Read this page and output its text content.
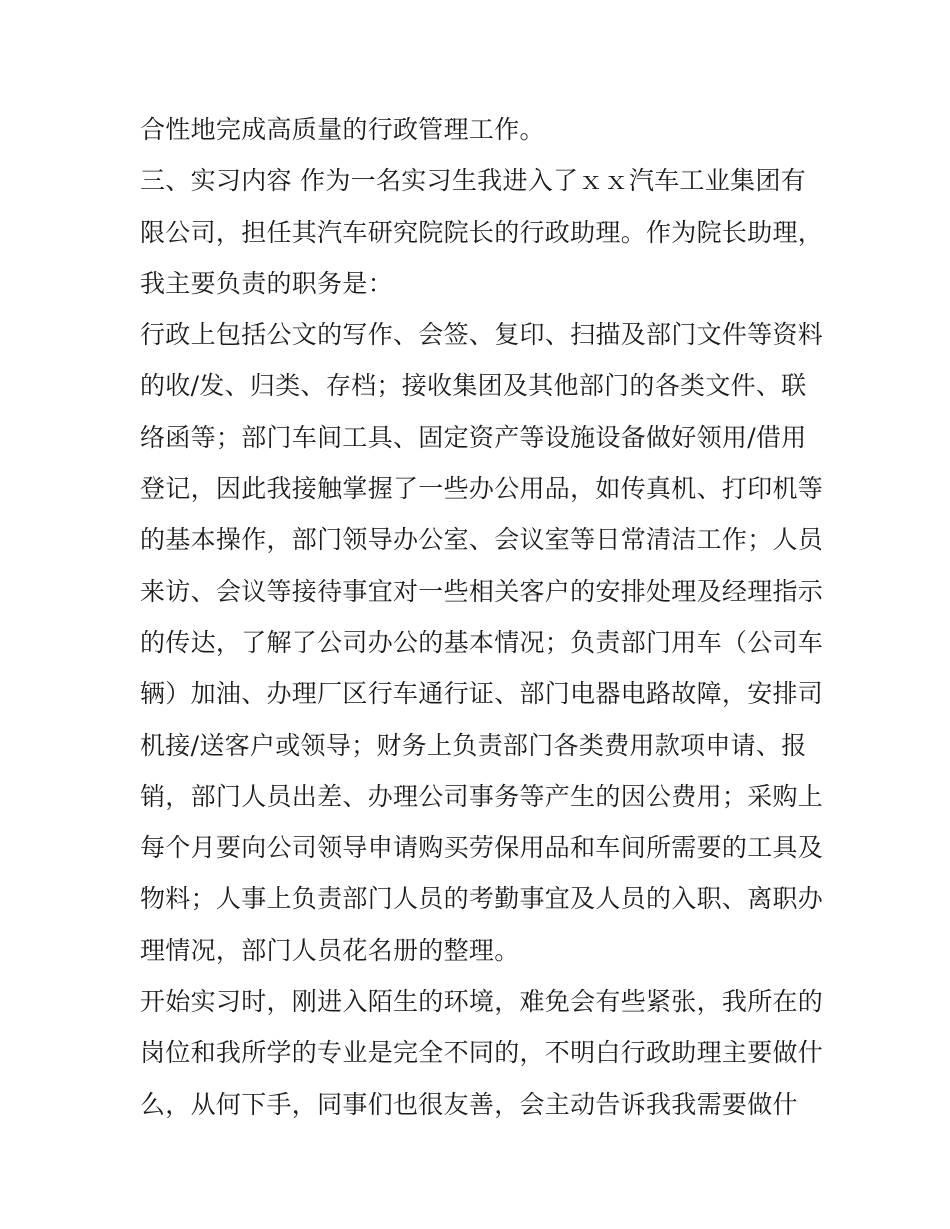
合性地完成高质量的行政管理工作。
三、实习内容 作为一名实习生我进入了ｘｘ汽车工业集团有
限公司，担任其汽车研究院院长的行政助理。作为院长助理，
我主要负责的职务是：
行政上包括公文的写作、会签、复印、扫描及部门文件等资料
的收/发、归类、存档；接收集团及其他部门的各类文件、联
络函等；部门车间工具、固定资产等设施设备做好领用/借用
登记，因此我接触掌握了一些办公用品，如传真机、打印机等
的基本操作，部门领导办公室、会议室等日常清洁工作；人员
来访、会议等接待事宜对一些相关客户的安排处理及经理指示
的传达，了解了公司办公的基本情况；负责部门用车（公司车
辆）加油、办理厂区行车通行证、部门电器电路故障，安排司
机接/送客户或领导；财务上负责部门各类费用款项申请、报
销，部门人员出差、办理公司事务等产生的因公费用；采购上
每个月要向公司领导申请购买劳保用品和车间所需要的工具及
物料；人事上负责部门人员的考勤事宜及人员的入职、离职办
理情况，部门人员花名册的整理。
开始实习时，刚进入陌生的环境，难免会有些紧张，我所在的
岗位和我所学的专业是完全不同的，不明白行政助理主要做什
么，从何下手，同事们也很友善，会主动告诉我我需要做什
